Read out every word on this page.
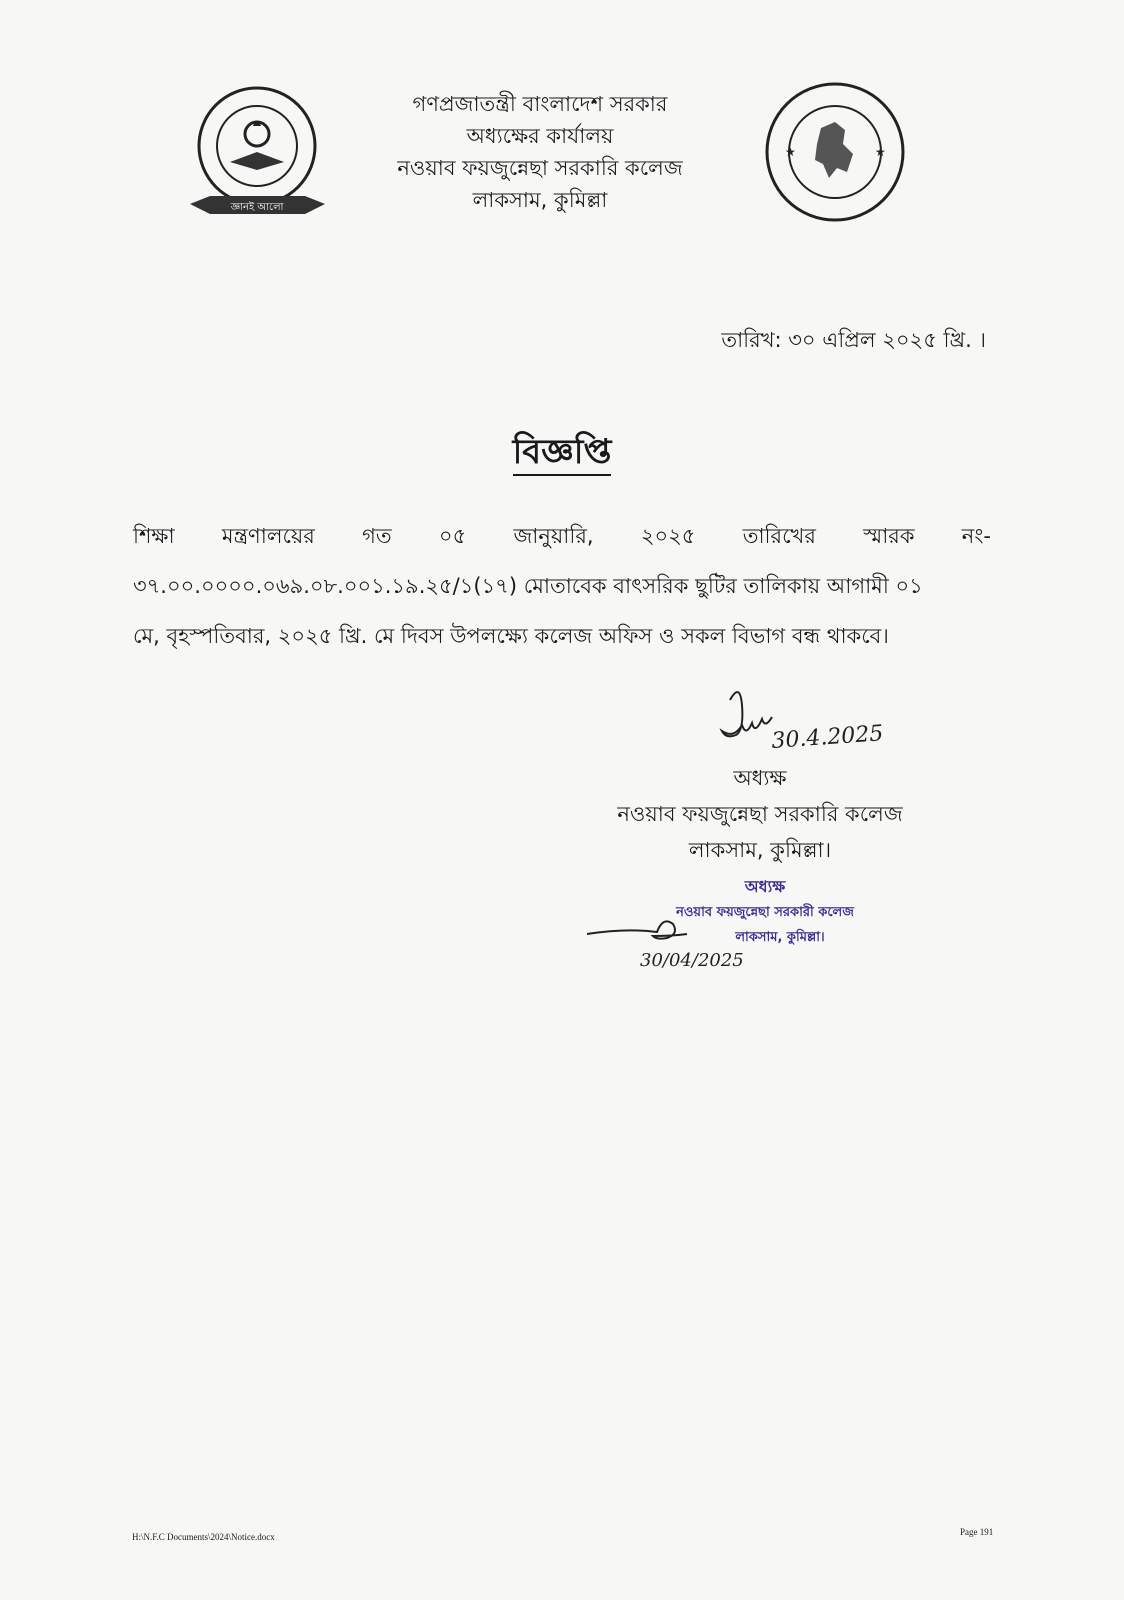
জ্ঞানই আলো
গণপ্রজাতন্ত্রী বাংলাদেশ সরকার
অধ্যক্ষের কার্যালয়
নওয়াব ফয়জুন্নেছা সরকারি কলেজ
লাকসাম, কুমিল্লা
★	★
তারিখ: ৩০ এপ্রিল ২০২৫ খ্রি. ।
বিজ্ঞপ্তি
শিক্ষা মন্ত্রণালয়ের গত ০৫ জানুয়ারি, ২০২৫ তারিখের স্মারক নং-
৩৭.০০.০০০০.০৬৯.০৮.০০১.১৯.২৫/১(১৭) মোতাবেক বাৎসরিক ছুটির তালিকায় আগামী ০১
মে, বৃহস্পতিবার, ২০২৫ খ্রি. মে দিবস উপলক্ষ্যে কলেজ অফিস ও সকল বিভাগ বন্ধ থাকবে।
30.4.2025
অধ্যক্ষ
নওয়াব ফয়জুন্নেছা সরকারি কলেজ
লাকসাম, কুমিল্লা।
অধ্যক্ষ
নওয়াব ফয়জুন্নেছা সরকারী কলেজ
লাকসাম, কুমিল্লা।
30/04/2025
H:\N.F.C Documents\2024\Notice.docx	Page 191
